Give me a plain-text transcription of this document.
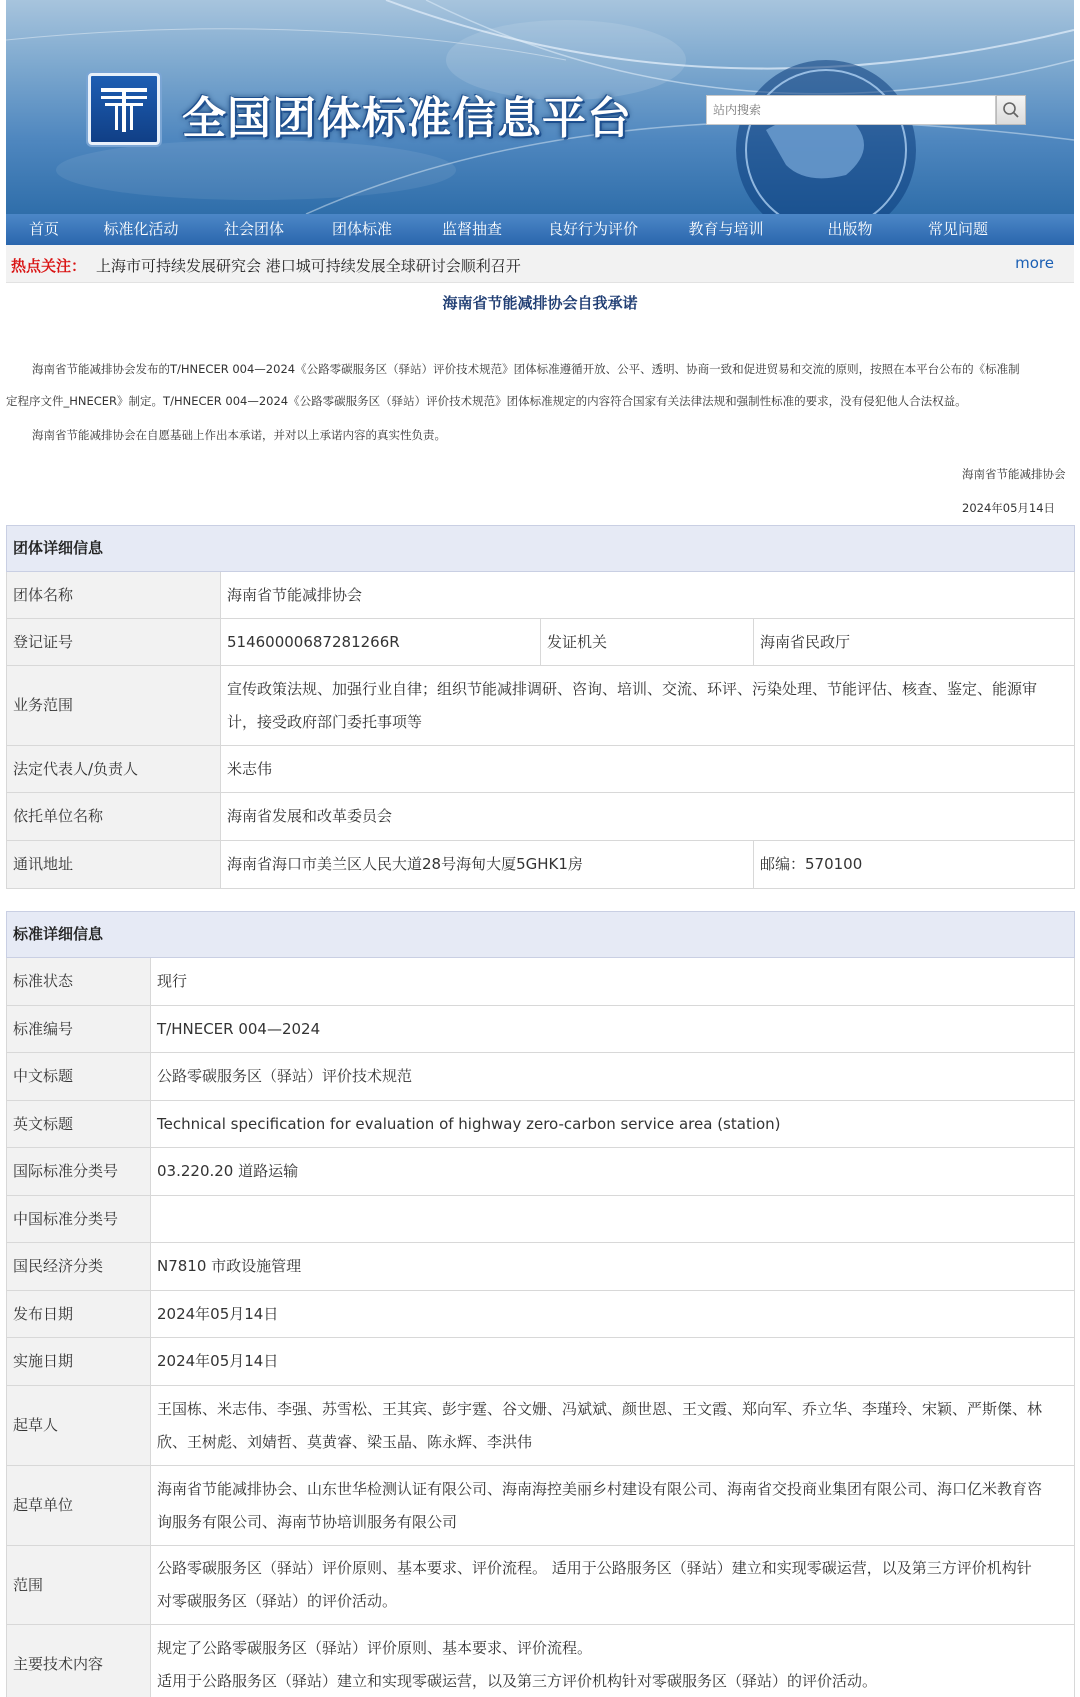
全国团体标准信息平台
站内搜索
首页	标准化活动	社会团体	团体标准	监督抽查	良好行为评价	教育与培训	出版物	常见问题
热点关注： 上海市可持续发展研究会 港口城可持续发展全球研讨会顺利召开	more
海南省节能减排协会自我承诺
海南省节能减排协会发布的T/HNECER 004—2024《公路零碳服务区（驿站）评价技术规范》团体标准遵循开放、公平、透明、协商一致和促进贸易和交流的原则，按照在本平台公布的《标准制
定程序文件_HNECER》制定。T/HNECER 004—2024《公路零碳服务区（驿站）评价技术规范》团体标准规定的内容符合国家有关法律法规和强制性标准的要求，没有侵犯他人合法权益。
海南省节能减排协会在自愿基础上作出本承诺，并对以上承诺内容的真实性负责。
海南省节能减排协会
2024年05月14日
团体详细信息			
团体名称	海南省节能减排协会		
登记证号	51460000687281266R	发证机关	海南省民政厅
业务范围	宣传政策法规、加强行业自律；组织节能减排调研、咨询、培训、交流、环评、污染处理、节能评估、核查、鉴定、能源审
计，接受政府部门委托事项等		

法定代表人/负责人	米志伟		
依托单位名称	海南省发展和改革委员会		
通讯地址	海南省海口市美兰区人民大道28号海甸大厦5GHK1房		邮编：570100
标准详细信息	
标准状态	现行
标准编号	T/HNECER 004—2024
中文标题	公路零碳服务区（驿站）评价技术规范
英文标题	Technical specification for evaluation of highway zero-carbon service area (station)
国际标准分类号	03.220.20 道路运输
中国标准分类号	
国民经济分类	N7810 市政设施管理
发布日期	2024年05月14日
实施日期	2024年05月14日
起草人	王国栋、米志伟、李强、苏雪松、王其宾、彭宇霆、谷文姗、冯斌斌、颜世恩、王文霞、郑向军、乔立华、李瑾玲、宋颖、严斯傑、林
欣、王树彪、刘婧哲、莫黄睿、梁玉晶、陈永辉、李洪伟

起草单位	海南省节能减排协会、山东世华检测认证有限公司、海南海控美丽乡村建设有限公司、海南省交投商业集团有限公司、海口亿米教育咨
询服务有限公司、海南节协培训服务有限公司

范围	公路零碳服务区（驿站）评价原则、基本要求、评价流程。 适用于公路服务区（驿站）建立和实现零碳运营，以及第三方评价机构针
对零碳服务区（驿站）的评价活动。

主要技术内容	规定了公路零碳服务区（驿站）评价原则、基本要求、评价流程。
适用于公路服务区（驿站）建立和实现零碳运营，以及第三方评价机构针对零碳服务区（驿站）的评价活动。
